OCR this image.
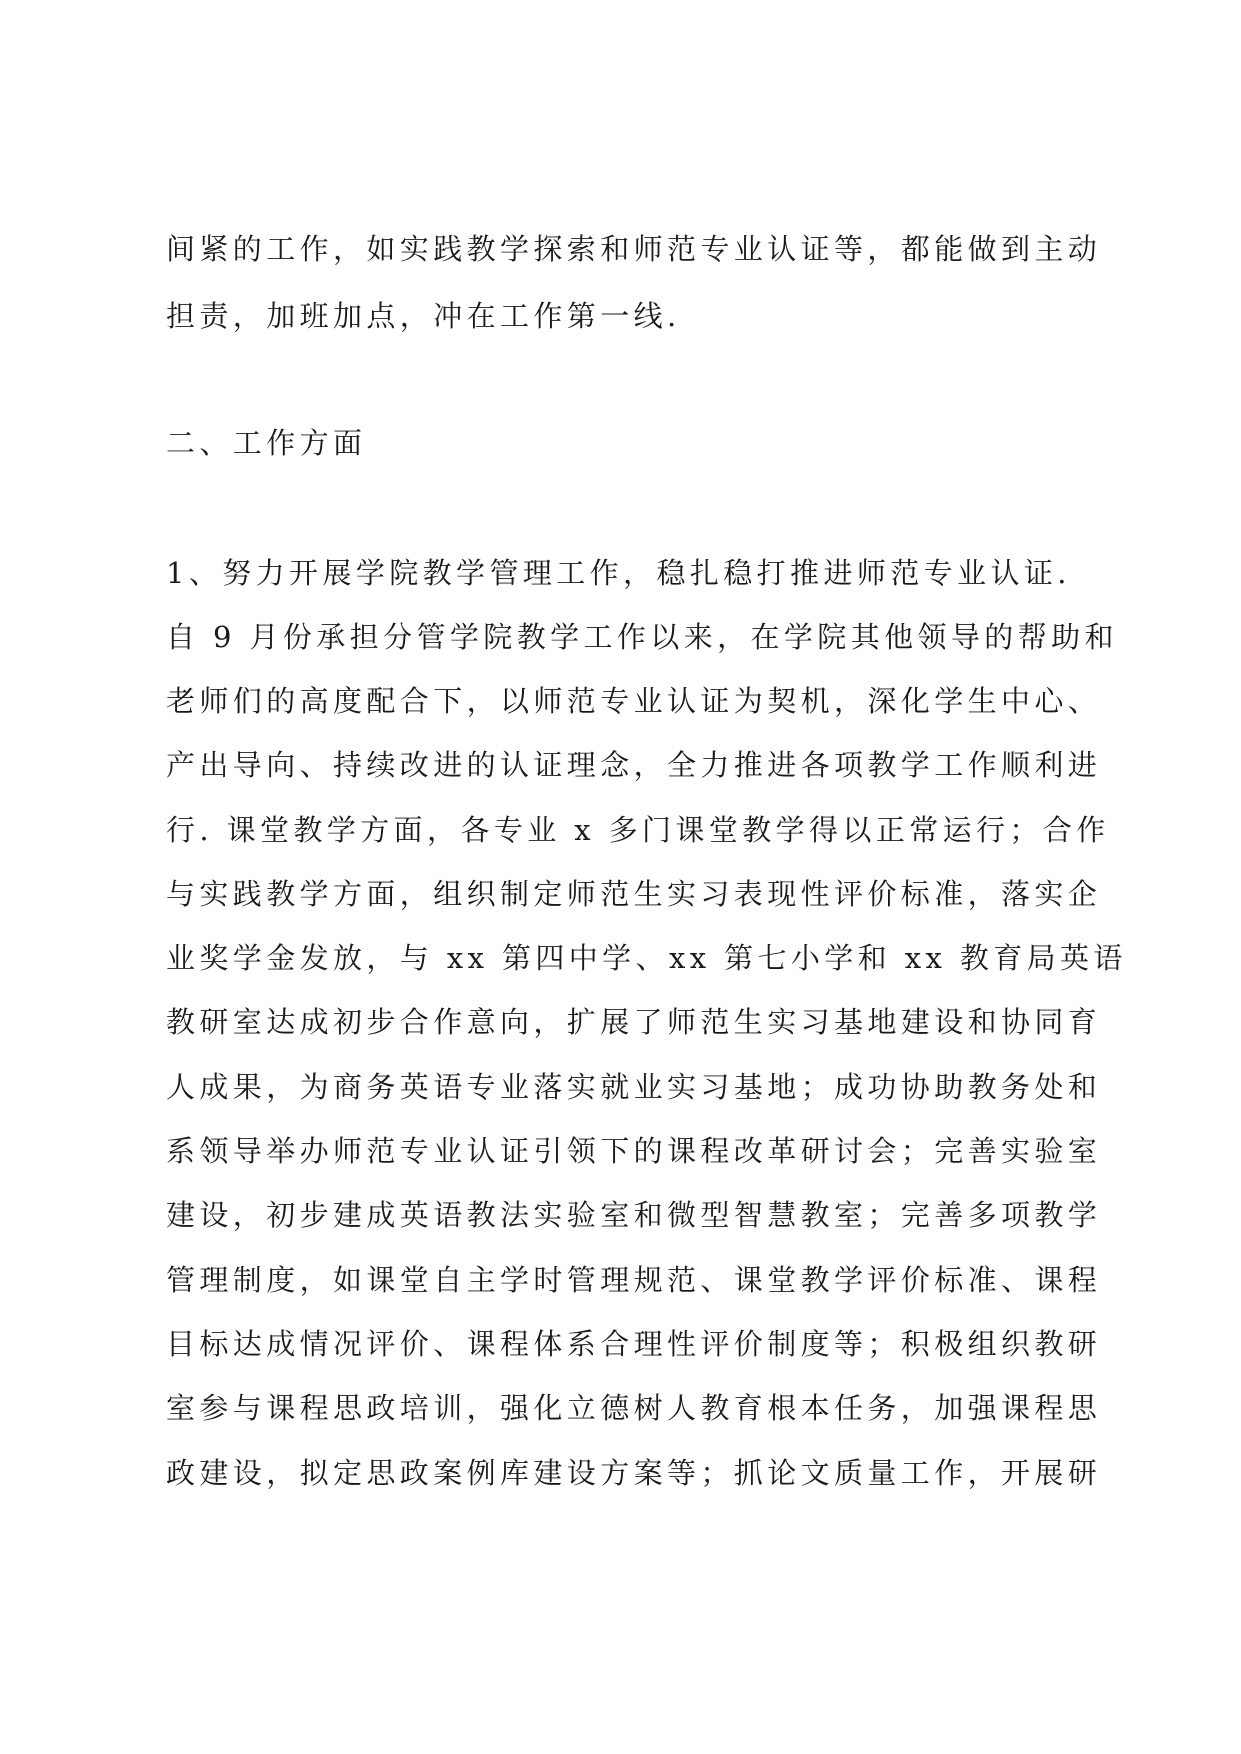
间紧的工作，如实践教学探索和师范专业认证等，都能做到主动
担责，加班加点，冲在工作第一线.
二、工作方面
1、努力开展学院教学管理工作，稳扎稳打推进师范专业认证.
自 9 月份承担分管学院教学工作以来，在学院其他领导的帮助和
老师们的高度配合下，以师范专业认证为契机，深化学生中心、
产出导向、持续改进的认证理念，全力推进各项教学工作顺利进
行. 课堂教学方面，各专业 x 多门课堂教学得以正常运行；合作
与实践教学方面，组织制定师范生实习表现性评价标准，落实企
业奖学金发放，与 xx 第四中学、xx 第七小学和 xx 教育局英语
教研室达成初步合作意向，扩展了师范生实习基地建设和协同育
人成果，为商务英语专业落实就业实习基地；成功协助教务处和
系领导举办师范专业认证引领下的课程改革研讨会；完善实验室
建设，初步建成英语教法实验室和微型智慧教室；完善多项教学
管理制度，如课堂自主学时管理规范、课堂教学评价标准、课程
目标达成情况评价、课程体系合理性评价制度等；积极组织教研
室参与课程思政培训，强化立德树人教育根本任务，加强课程思
政建设，拟定思政案例库建设方案等；抓论文质量工作，开展研
